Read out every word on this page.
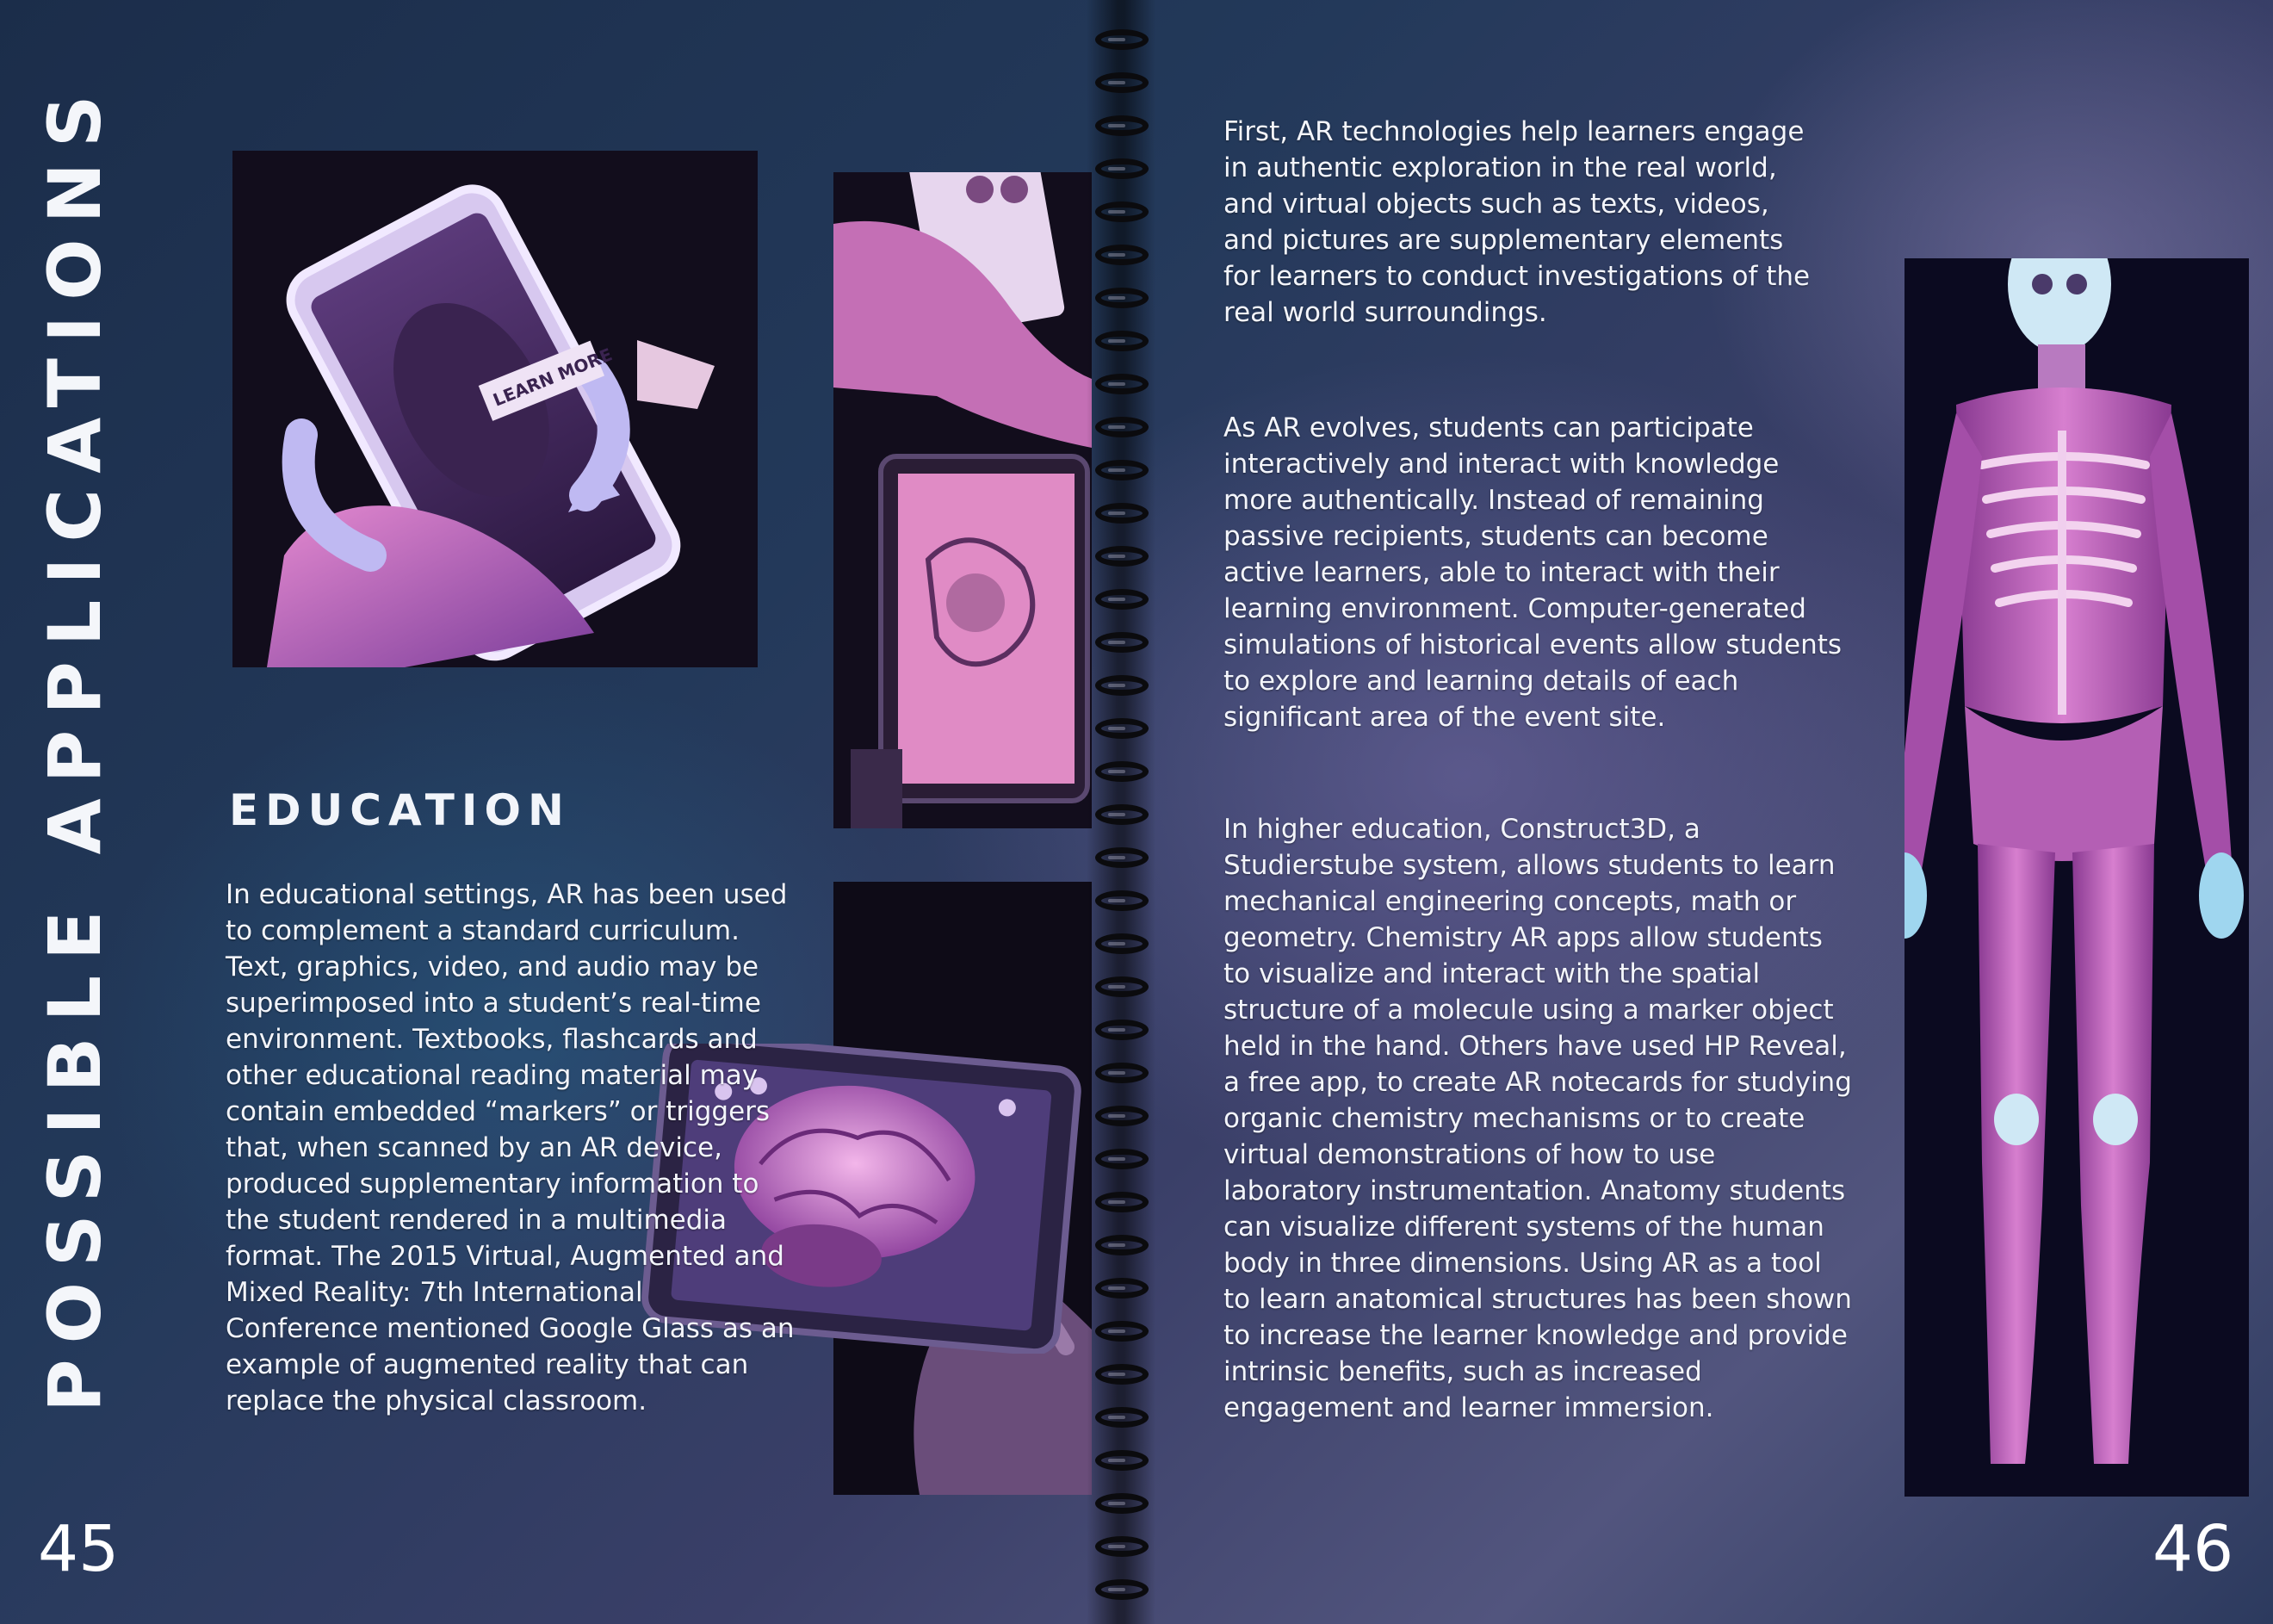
POSSIBLE APPLICATIONS	LEARN MORE
EDUCATION

In educational settings, AR has been used to complement a standard curriculum. Text, graphics, video, and audio may be superimposed into a student’s real-time environment. Textbooks, flashcards and other educational reading material may contain embedded “markers” or triggers that, when scanned by an AR device, produced supplementary information to the student rendered in a multimedia format. The 2015 Virtual, Augmented and Mixed Reality: 7th International Conference mentioned Google Glass as an example of augmented reality that can replace the physical classroom.

45

First, AR technologies help learners engage in authentic exploration in the real world, and virtual objects such as texts, videos, and pictures are supplementary elements for learners to conduct investigations of the real world surroundings.

As AR evolves, students can participate interactively and interact with knowledge more authentically. Instead of remaining passive recipients, students can become active learners, able to interact with their learning environment. Computer-generated simulations of historical events allow students to explore and learning details of each significant area of the event site.

In higher education, Construct3D, a Studierstube system, allows students to learn mechanical engineering concepts, math or geometry. Chemistry AR apps allow students to visualize and interact with the spatial structure of a molecule using a marker object held in the hand. Others have used HP Reveal, a free app, to create AR notecards for studying organic chemistry mechanisms or to create virtual demonstrations of how to use laboratory instrumentation. Anatomy students can visualize different systems of the human body in three dimensions. Using AR as a tool to learn anatomical structures has been shown to increase the learner knowledge and provide intrinsic benefits, such as increased engagement and learner immersion.

46
